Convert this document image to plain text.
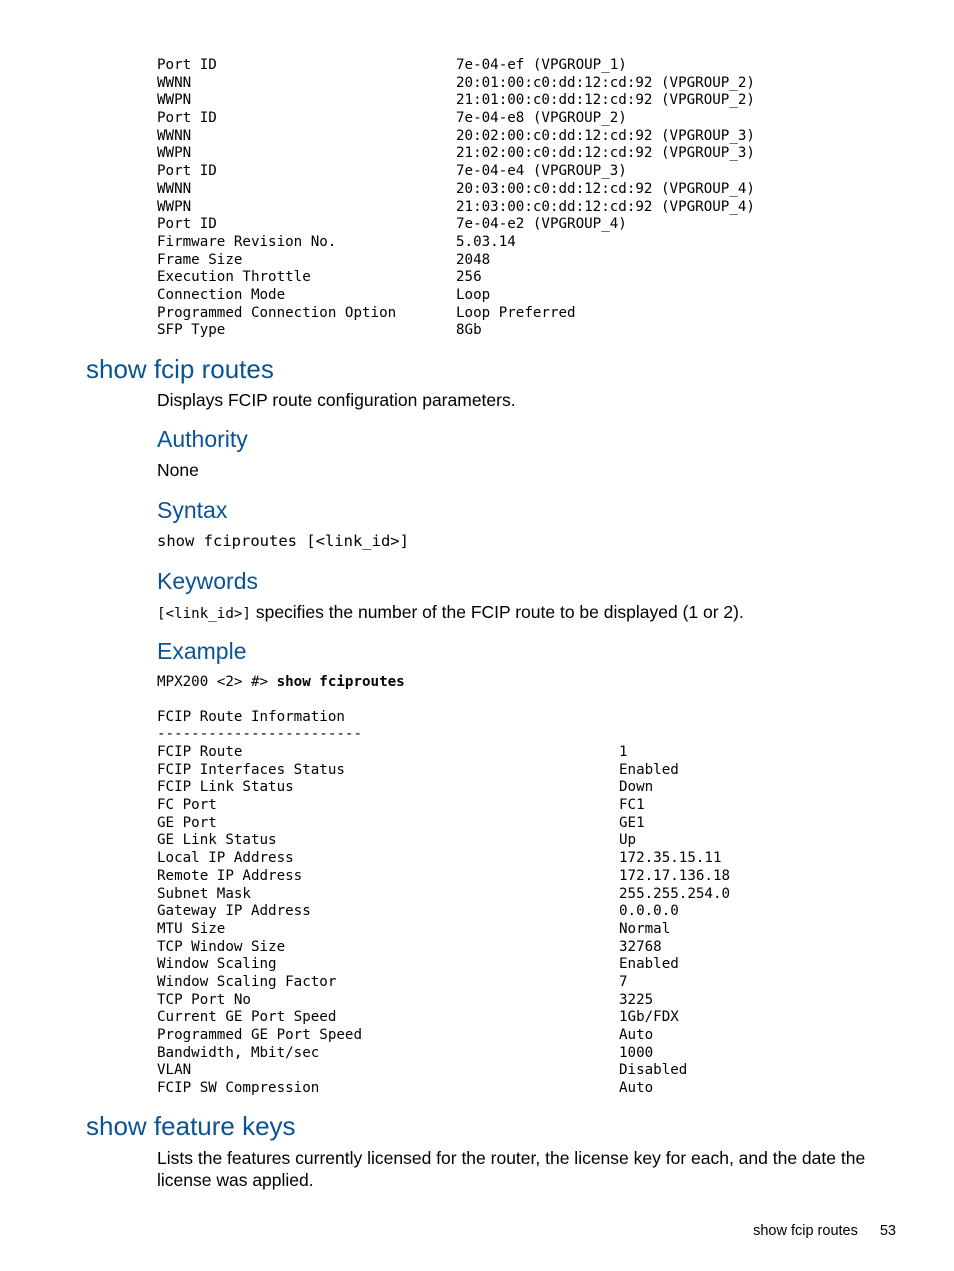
Port ID	7e-04-ef (VPGROUP_1)
WWNN	20:01:00:c0:dd:12:cd:92 (VPGROUP_2)
WWPN	21:01:00:c0:dd:12:cd:92 (VPGROUP_2)
Port ID	7e-04-e8 (VPGROUP_2)
WWNN	20:02:00:c0:dd:12:cd:92 (VPGROUP_3)
WWPN	21:02:00:c0:dd:12:cd:92 (VPGROUP_3)
Port ID	7e-04-e4 (VPGROUP_3)
WWNN	20:03:00:c0:dd:12:cd:92 (VPGROUP_4)
WWPN	21:03:00:c0:dd:12:cd:92 (VPGROUP_4)
Port ID	7e-04-e2 (VPGROUP_4)
Firmware Revision No.	5.03.14
Frame Size	2048
Execution Throttle	256
Connection Mode	Loop
Programmed Connection Option	Loop Preferred
SFP Type	8Gb
show fcip routes

Displays FCIP route configuration parameters.

Authority

None

Syntax
show fciproutes [<link_id>]
Keywords

[<link_id>] specifies the number of the FCIP route to be displayed (1 or 2).

Example
MPX200 <2> #> show fciproutes
FCIP Route Information
------------------------
FCIP Route	1
FCIP Interfaces Status	Enabled
FCIP Link Status	Down
FC Port	FC1
GE Port	GE1
GE Link Status	Up
Local IP Address	172.35.15.11
Remote IP Address	172.17.136.18
Subnet Mask	255.255.254.0
Gateway IP Address	0.0.0.0
MTU Size	Normal
TCP Window Size	32768
Window Scaling	Enabled
Window Scaling Factor	7
TCP Port No	3225
Current GE Port Speed	1Gb/FDX
Programmed GE Port Speed	Auto
Bandwidth, Mbit/sec	1000
VLAN	Disabled
FCIP SW Compression	Auto
show feature keys

Lists the features currently licensed for the router, the license key for each, and the date the license was applied.

show fcip routes 53
